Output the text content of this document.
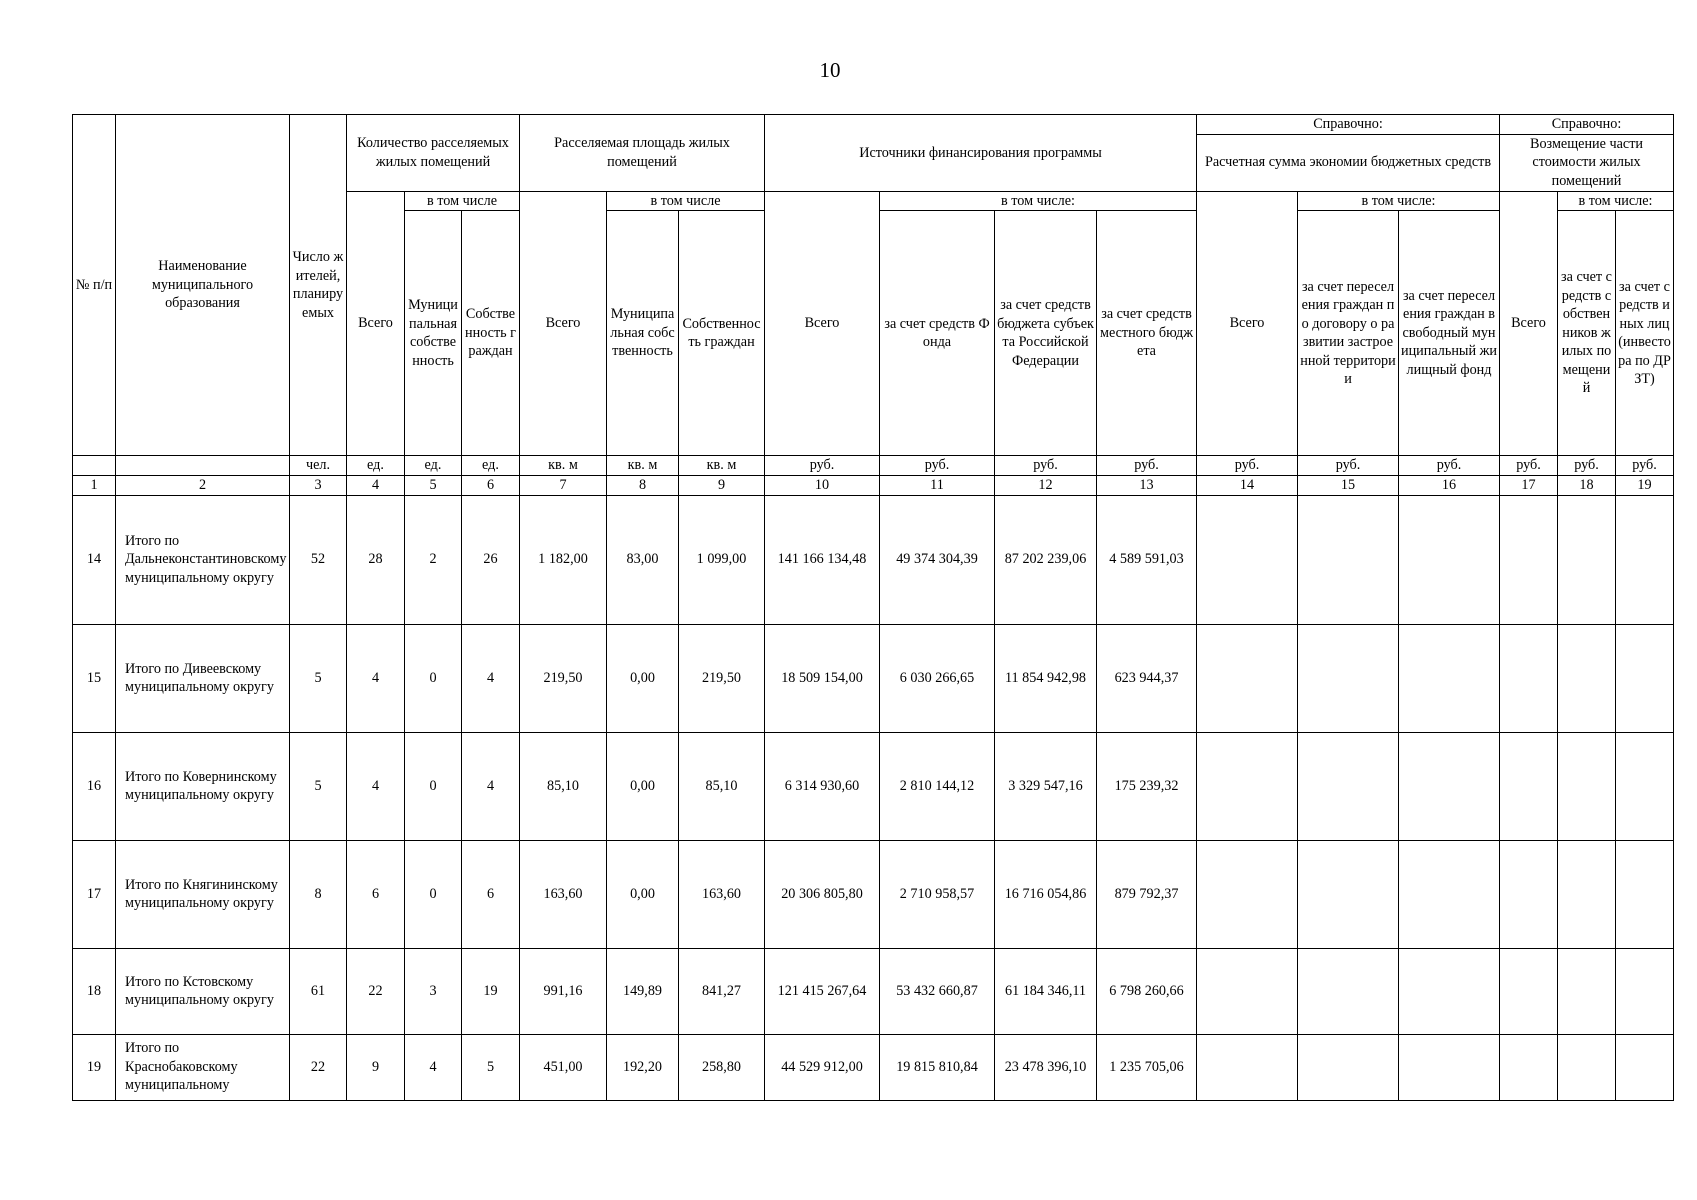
10
№ п/п	Наименование муниципального образования	Число жителей, планируемых	Количество расселяемых жилых помещений			Расселяемая площадь жилых помещений			Источники финансирования программы				Справочно:			Справочно:		
													Расчетная сумма экономии бюджетных средств			Возмещение части стоимости жилых помещений		
			Всего	в том числе		Всего	в том числе		Всего	в том числе:			Всего	в том числе:		Всего	в том числе:	
				Муниципальная собственность	Собственность граждан		Муниципальная собственность	Собственность граждан		за счет средств Фонда	за счет средств бюджета субъекта Российской Федерации	за счет средств местного бюджета		за счет переселения граждан по договору о развитии застроенной территории	за счет переселения граждан в свободный муниципальный жилищный фонд		за счет средств собственников жилых помещений	за счет средств иных лиц (инвестора по ДРЗТ)
		чел.	ед.	ед.	ед.	кв. м	кв. м	кв. м	руб.	руб.	руб.	руб.	руб.	руб.	руб.	руб.	руб.	руб.
1	2	3	4	5	6	7	8	9	10	11	12	13	14	15	16	17	18	19
14	Итого по Дальнеконстантиновскому муниципальному округу	52	28	2	26	1 182,00	83,00	1 099,00	141 166 134,48	49 374 304,39	87 202 239,06	4 589 591,03						
15	Итого по Дивеевскому муниципальному округу	5	4	0	4	219,50	0,00	219,50	18 509 154,00	6 030 266,65	11 854 942,98	623 944,37						
16	Итого по Ковернинскому муниципальному округу	5	4	0	4	85,10	0,00	85,10	6 314 930,60	2 810 144,12	3 329 547,16	175 239,32						
17	Итого по Княгининскому муниципальному округу	8	6	0	6	163,60	0,00	163,60	20 306 805,80	2 710 958,57	16 716 054,86	879 792,37						
18	Итого по Кстовскому муниципальному округу	61	22	3	19	991,16	149,89	841,27	121 415 267,64	53 432 660,87	61 184 346,11	6 798 260,66						
19	Итого по Краснобаковскому муниципальному	22	9	4	5	451,00	192,20	258,80	44 529 912,00	19 815 810,84	23 478 396,10	1 235 705,06						
